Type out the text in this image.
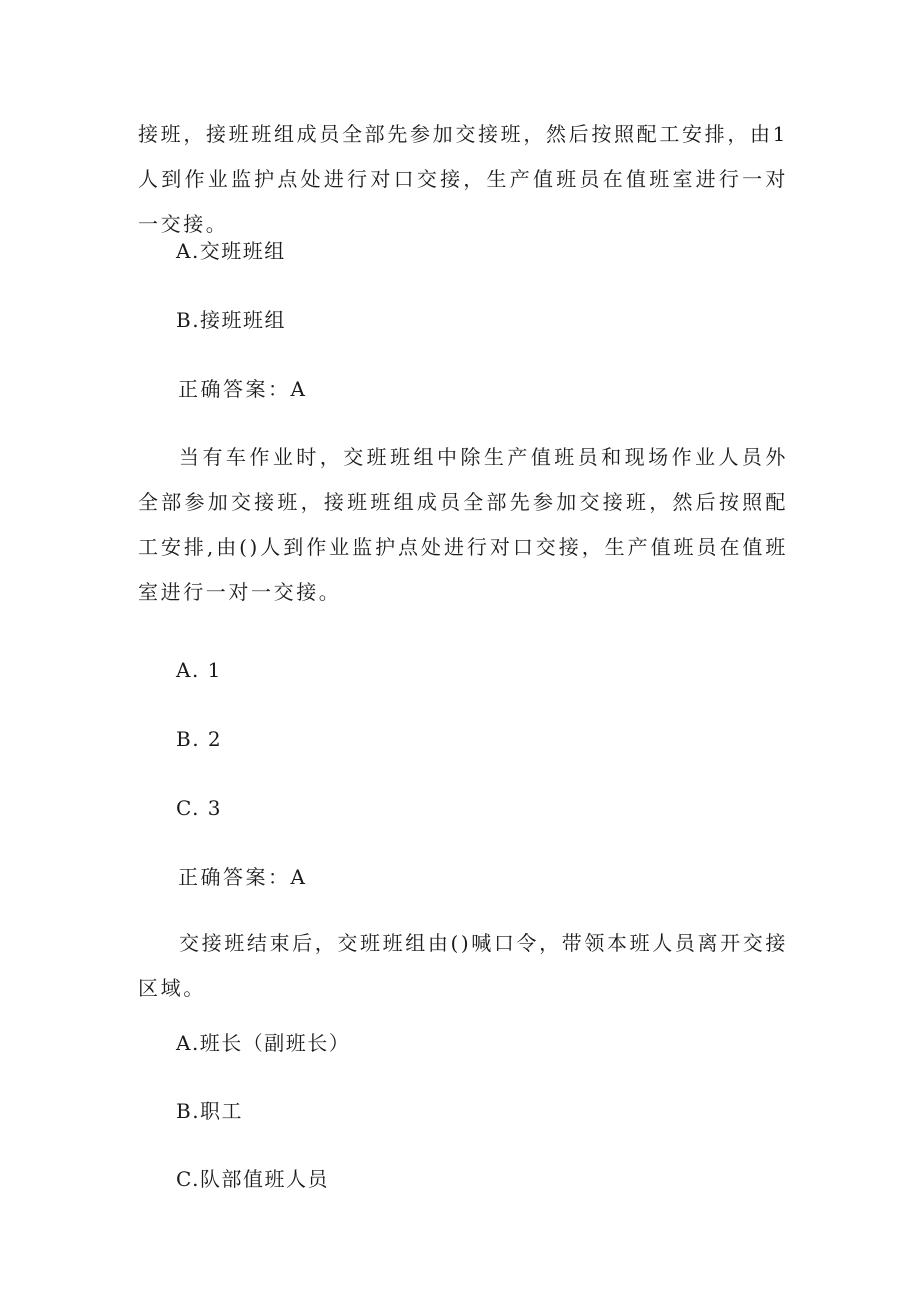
接班，接班班组成员全部先参加交接班，然后按照配工安排，由1人到作业监护点处进行对口交接，生产值班员在值班室进行一对一交接。
A.交班班组
B.接班班组
正确答案：A
当有车作业时，交班班组中除生产值班员和现场作业人员外全部参加交接班，接班班组成员全部先参加交接班，然后按照配工安排,由()人到作业监护点处进行对口交接，生产值班员在值班室进行一对一交接。
A. 1
B. 2
C. 3
正确答案：A
交接班结束后，交班班组由()喊口令，带领本班人员离开交接区域。
A.班长（副班长）
B.职工
C.队部值班人员
